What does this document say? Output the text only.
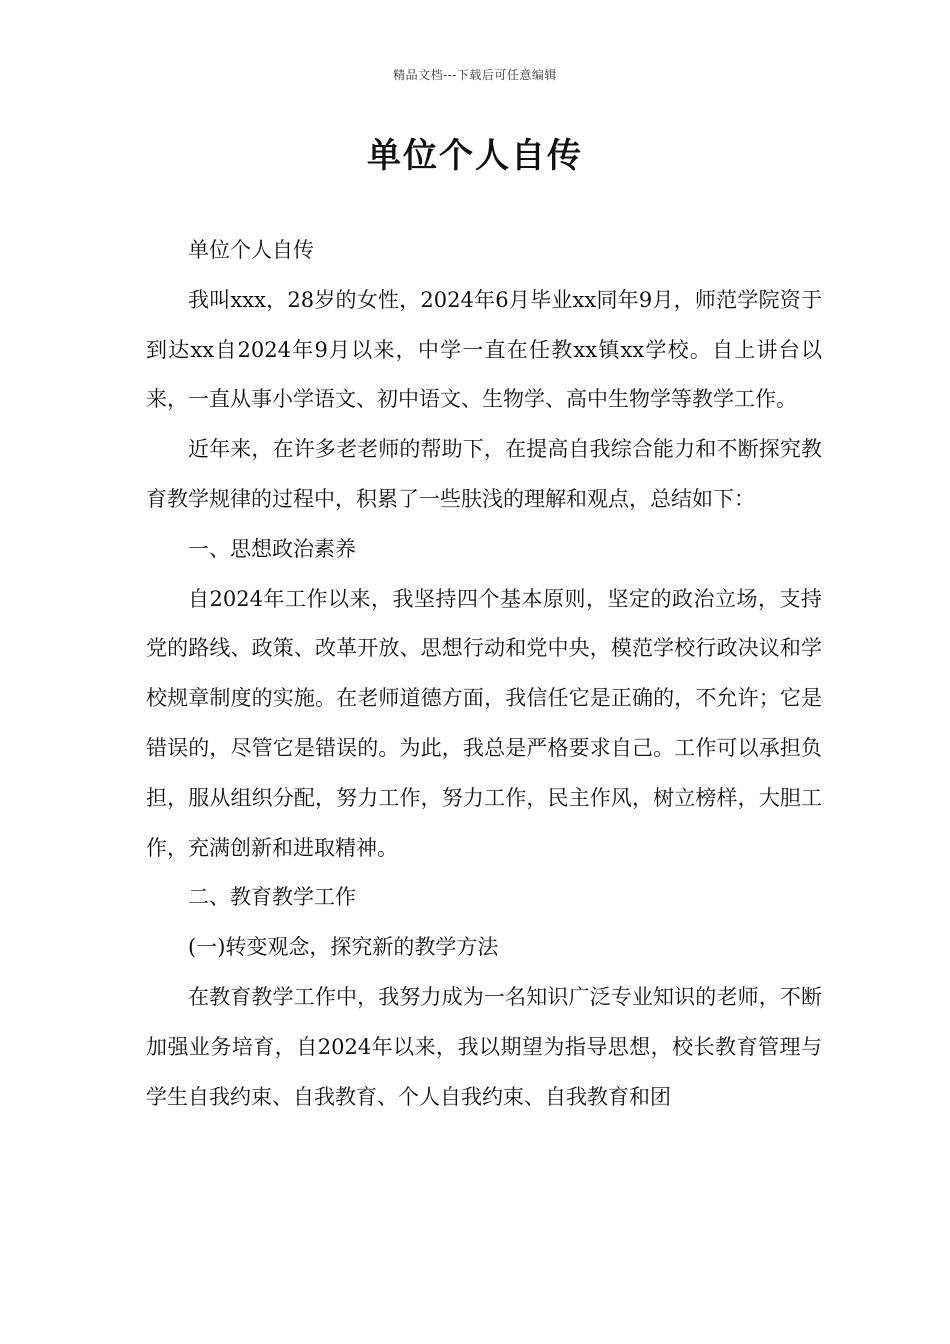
精品文档---下载后可任意编辑
单位个人自传

单位个人自传

我叫xxx，28岁的女性，2024年6月毕业xx同年9月，师范学院资于到达xx自2024年9月以来，中学一直在任教xx镇xx学校。自上讲台以来，一直从事小学语文、初中语文、生物学、高中生物学等教学工作。

近年来，在许多老老师的帮助下，在提高自我综合能力和不断探究教育教学规律的过程中，积累了一些肤浅的理解和观点，总结如下：

一、思想政治素养

自2024年工作以来，我坚持四个基本原则，坚定的政治立场，支持党的路线、政策、改革开放、思想行动和党中央，模范学校行政决议和学校规章制度的实施。在老师道德方面，我信任它是正确的，不允许；它是错误的，尽管它是错误的。为此，我总是严格要求自己。工作可以承担负担，服从组织分配，努力工作，努力工作，民主作风，树立榜样，大胆工作，充满创新和进取精神。

二、教育教学工作

(一)转变观念，探究新的教学方法

在教育教学工作中，我努力成为一名知识广泛专业知识的老师，不断加强业务培育，自2024年以来，我以期望为指导思想，校长教育管理与学生自我约束、自我教育、个人自我约束、自我教育和团
